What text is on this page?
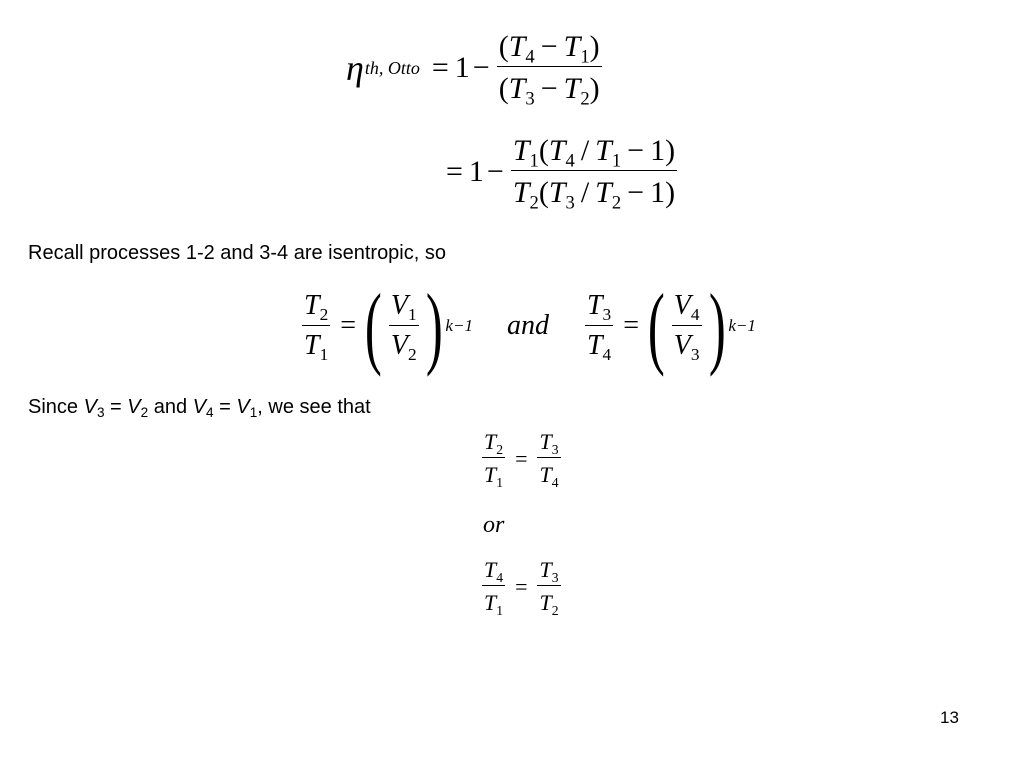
η th, Otto = $1 - \frac{(T_4 - T_1)}{(T_3 - T_2)}$
= $1 - \frac{T_1(T_4 / T_1 - 1)}{T_2(T_3 / T_2 - 1)}$
Recall processes 1-2 and 3-4 are isentropic, so
$\frac{T_2}{T_1}$ = ( $\frac{V_1}{V_2}$ ) k−1 and $\frac{T_3}{T_4}$ = ( $\frac{V_4}{V_3}$ ) k−1
Since $V_3 = V_2$ and $V_4 = V_1$, we see that
$\frac{T_2}{T_1} = \frac{T_3}{T_4}$
or
$\frac{T_4}{T_1} = \frac{T_3}{T_2}$
13
